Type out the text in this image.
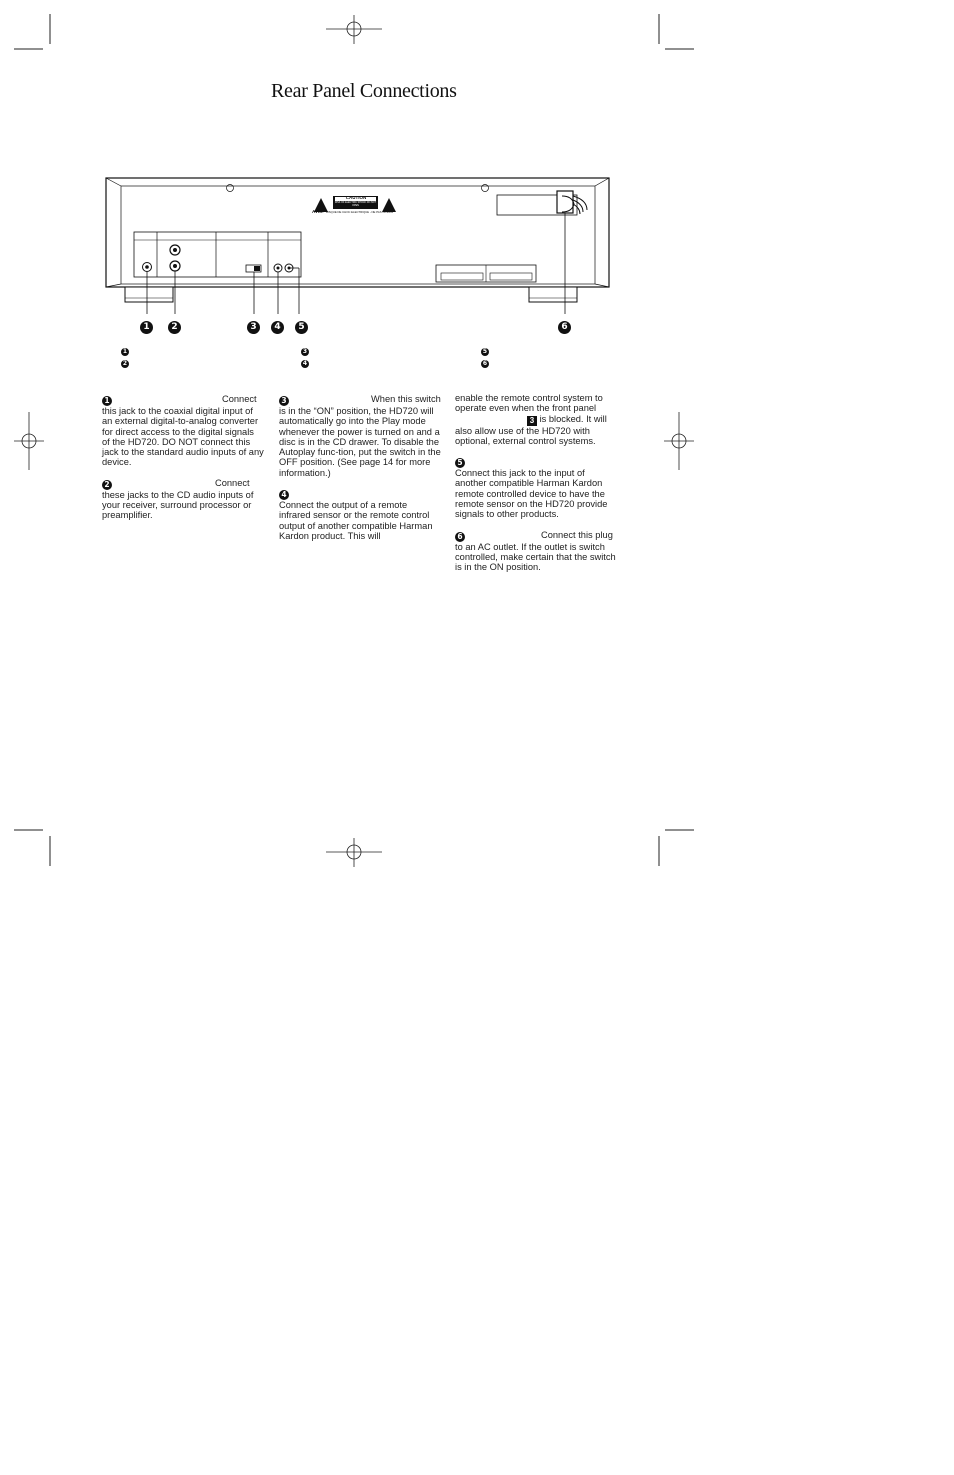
Rear Panel Connections
CAUTION
RISK OF ELECTRIC SHOCK DO NOT OPEN
AVIS: RISQUE DE CHOC ELECTRIQUE - NE PAS OUVRIR
1	2	3	4	5	6
1
2
3
4
5
6

1	Connect this jack to the coaxial digital input of an external digital-to-analog converter for direct access to the digital signals of the HD720. DO NOT connect this jack to the standard audio inputs of any device.

2	Connect these jacks to the CD audio inputs of your receiver, surround processor or preamplifier.

3	When this switch is in the “ON” position, the HD720 will automatically go into the Play mode whenever the power is turned on and a disc is in the CD drawer. To disable the Autoplay func-tion, put the switch in the OFF position. (See page 14 for more information.)

4
Connect the output of a remote infrared sensor or the remote control output of another compatible Harman Kardon product. This will

enable the remote control system to operate even when the front panel
3 is blocked. It will also allow use of the HD720 with optional, external control systems.

5
Connect this jack to the input of another compatible Harman Kardon remote controlled device to have the remote sensor on the HD720 provide signals to other products.

6	Connect this plug to an AC outlet. If the outlet is switch controlled, make certain that the switch is in the ON position.
